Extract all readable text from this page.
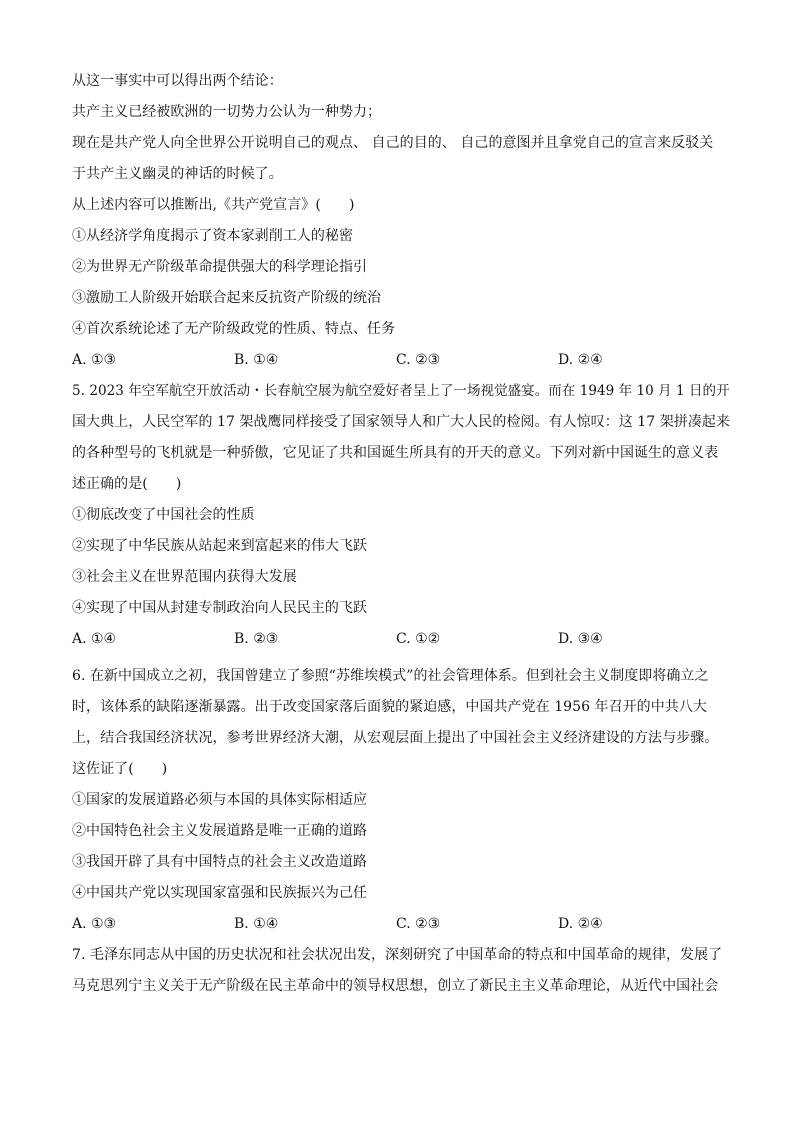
从这一事实中可以得出两个结论：
共产主义已经被欧洲的一切势力公认为一种势力；
现在是共产党人向全世界公开说明自己的观点、 自己的目的、 自己的意图并且拿党自己的宣言来反驳关
于共产主义幽灵的神话的时候了。
从上述内容可以推断出,《共产党宣言》(　　)
①从经济学角度揭示了资本家剥削工人的秘密
②为世界无产阶级革命提供强大的科学理论指引
③激励工人阶级开始联合起来反抗资产阶级的统治
④首次系统论述了无产阶级政党的性质、特点、任务
A. ①③	B. ①④	C. ②③	D. ②④
5. 2023 年空军航空开放活动・长春航空展为航空爱好者呈上了一场视觉盛宴。而在 1949 年 10 月 1 日的开
国大典上，人民空军的 17 架战鹰同样接受了国家领导人和广大人民的检阅。有人惊叹：这 17 架拼凑起来
的各种型号的飞机就是一种骄傲，它见证了共和国诞生所具有的开天的意义。下列对新中国诞生的意义表
述正确的是(　　)
①彻底改变了中国社会的性质
②实现了中华民族从站起来到富起来的伟大飞跃
③社会主义在世界范围内获得大发展
④实现了中国从封建专制政治向人民民主的飞跃
A. ①④	B. ②③	C. ①②	D. ③④
6. 在新中国成立之初，我国曾建立了参照“苏维埃模式”的社会管理体系。但到社会主义制度即将确立之
时，该体系的缺陷逐渐暴露。出于改变国家落后面貌的紧迫感，中国共产党在 1956 年召开的中共八大
上，结合我国经济状况，参考世界经济大潮，从宏观层面上提出了中国社会主义经济建设的方法与步骤。
这佐证了(　　)
①国家的发展道路必须与本国的具体实际相适应
②中国特色社会主义发展道路是唯一正确的道路
③我国开辟了具有中国特点的社会主义改造道路
④中国共产党以实现国家富强和民族振兴为己任
A. ①③	B. ①④	C. ②③	D. ②④
7. 毛泽东同志从中国的历史状况和社会状况出发，深刻研究了中国革命的特点和中国革命的规律，发展了
马克思列宁主义关于无产阶级在民主革命中的领导权思想，创立了新民主主义革命理论，从近代中国社会
